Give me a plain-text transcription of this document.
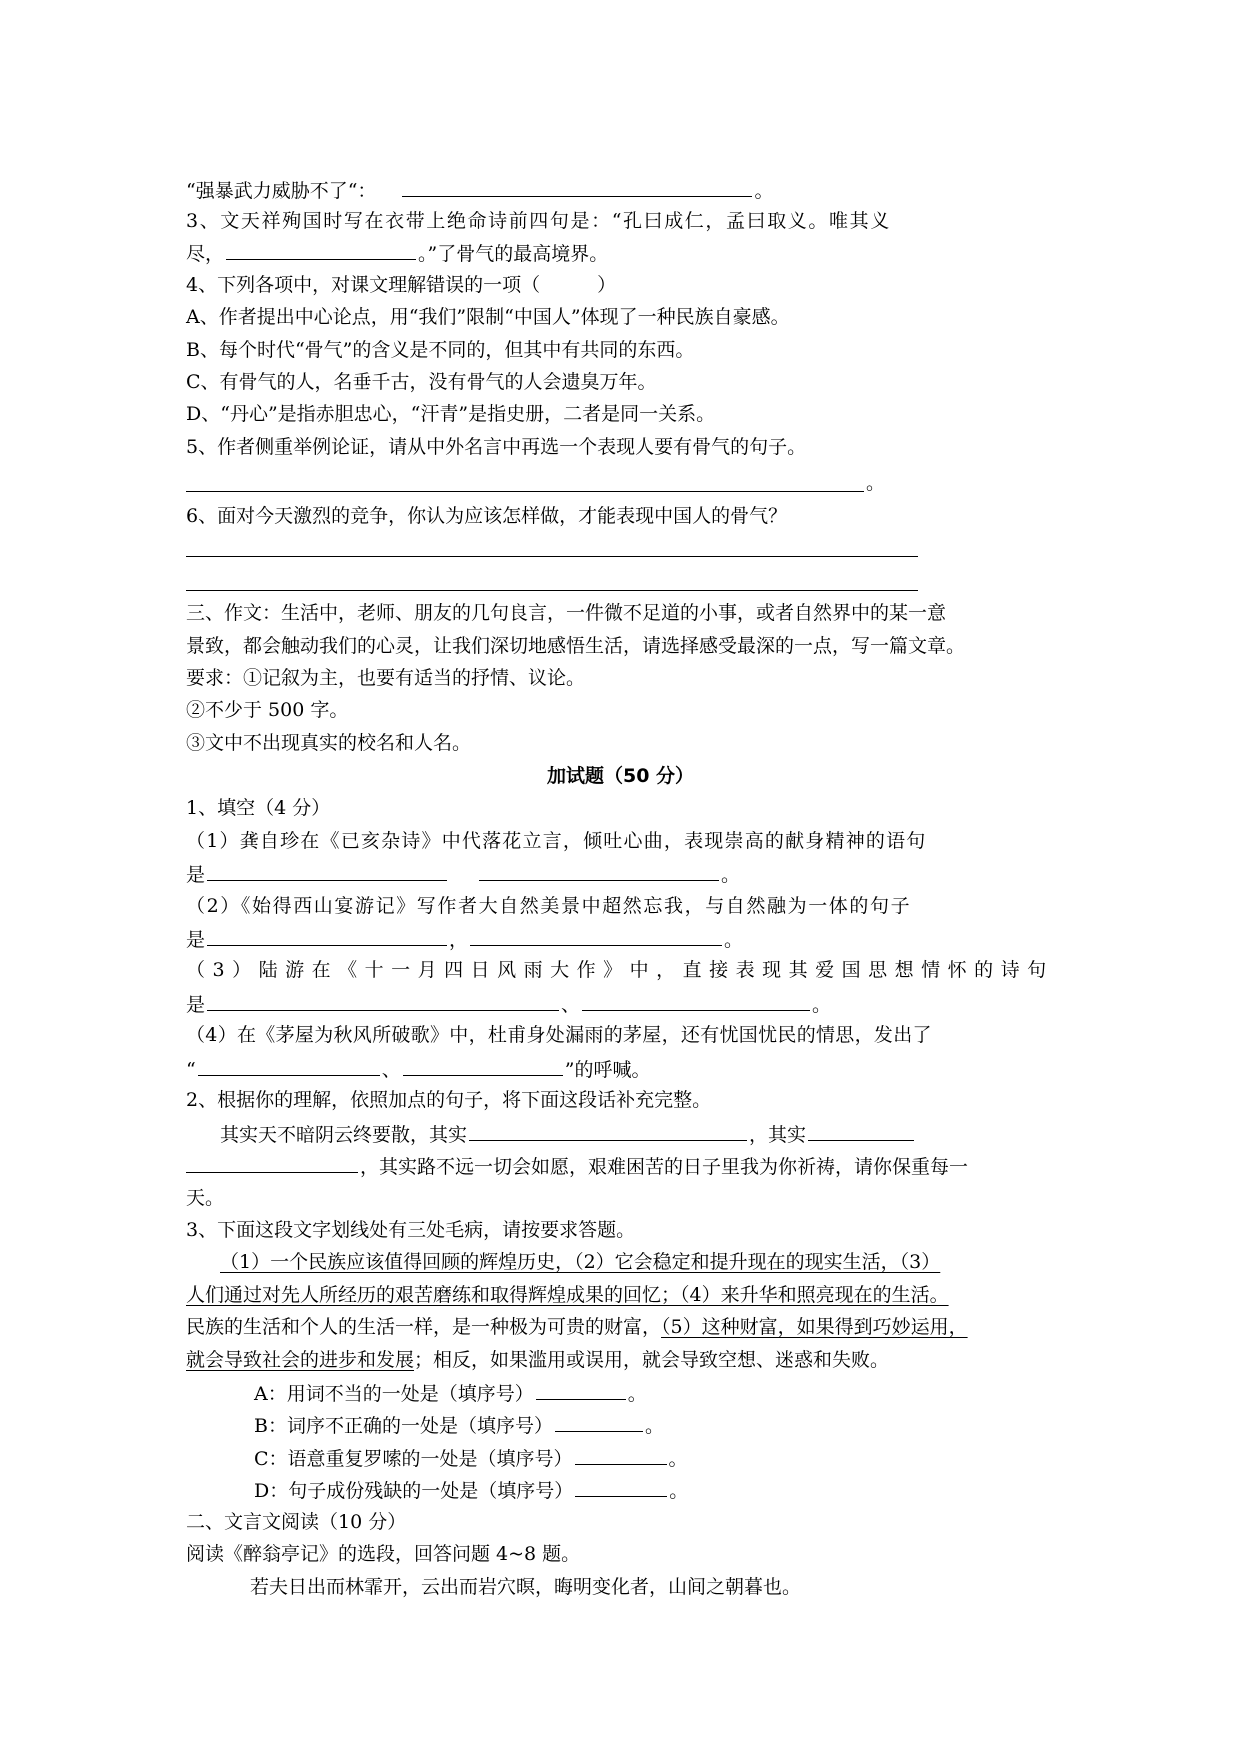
“强暴武力威胁不了“：	。
3、文天祥殉国时写在衣带上绝命诗前四句是：“孔曰成仁，孟曰取义。唯其义
尽，	。”了骨气的最高境界。
4、下列各项中，对课文理解错误的一项（　　　）
A、作者提出中心论点，用“我们”限制“中国人”体现了一种民族自豪感。
B、每个时代“骨气”的含义是不同的，但其中有共同的东西。
C、有骨气的人，名垂千古，没有骨气的人会遗臭万年。
D、“丹心”是指赤胆忠心，“汗青”是指史册，二者是同一关系。
5、作者侧重举例论证，请从中外名言中再选一个表现人要有骨气的句子。
。
6、面对今天激烈的竞争，你认为应该怎样做，才能表现中国人的骨气？
三、作文：生活中，老师、朋友的几句良言，一件微不足道的小事，或者自然界中的某一意
景致，都会触动我们的心灵，让我们深切地感悟生活，请选择感受最深的一点，写一篇文章。
要求：①记叙为主，也要有适当的抒情、议论。
②不少于 500 字。
③文中不出现真实的校名和人名。
加试题（50 分）
1、填空（4 分）
（1）龚自珍在《已亥杂诗》中代落花立言，倾吐心曲，表现崇高的献身精神的语句
是	。
（2）《始得西山宴游记》写作者大自然美景中超然忘我，与自然融为一体的句子
是	，	。
（3）陆游在《十一月四日风雨大作》中，直接表现其爱国思想情怀的诗句
是	、	。
（4）在《茅屋为秋风所破歌》中，杜甫身处漏雨的茅屋，还有忧国忧民的情思，发出了
“	、	”的呼喊。
2、根据你的理解，依照加点的句子，将下面这段话补充完整。
其实天不暗阴云终要散，其实	，其实
，其实路不远一切会如愿，艰难困苦的日子里我为你祈祷，请你保重每一
天。
3、下面这段文字划线处有三处毛病，请按要求答题。
（1）一个民族应该值得回顾的辉煌历史，（2）它会稳定和提升现在的现实生活，（3）
人们通过对先人所经历的艰苦磨练和取得辉煌成果的回忆；（4）来升华和照亮现在的生活。
民族的生活和个人的生活一样，是一种极为可贵的财富，（5）这种财富，如果得到巧妙运用，
就会导致社会的进步和发展；相反，如果滥用或误用，就会导致空想、迷惑和失败。
A：用词不当的一处是（填序号）	。
B：词序不正确的一处是（填序号）	。
C：语意重复罗嗦的一处是（填序号）	。
D：句子成份残缺的一处是（填序号）	。
二、文言文阅读（10 分）
阅读《醉翁亭记》的选段，回答问题 4~8 题。
若夫日出而林霏开，云出而岩穴暝，晦明变化者，山间之朝暮也。
